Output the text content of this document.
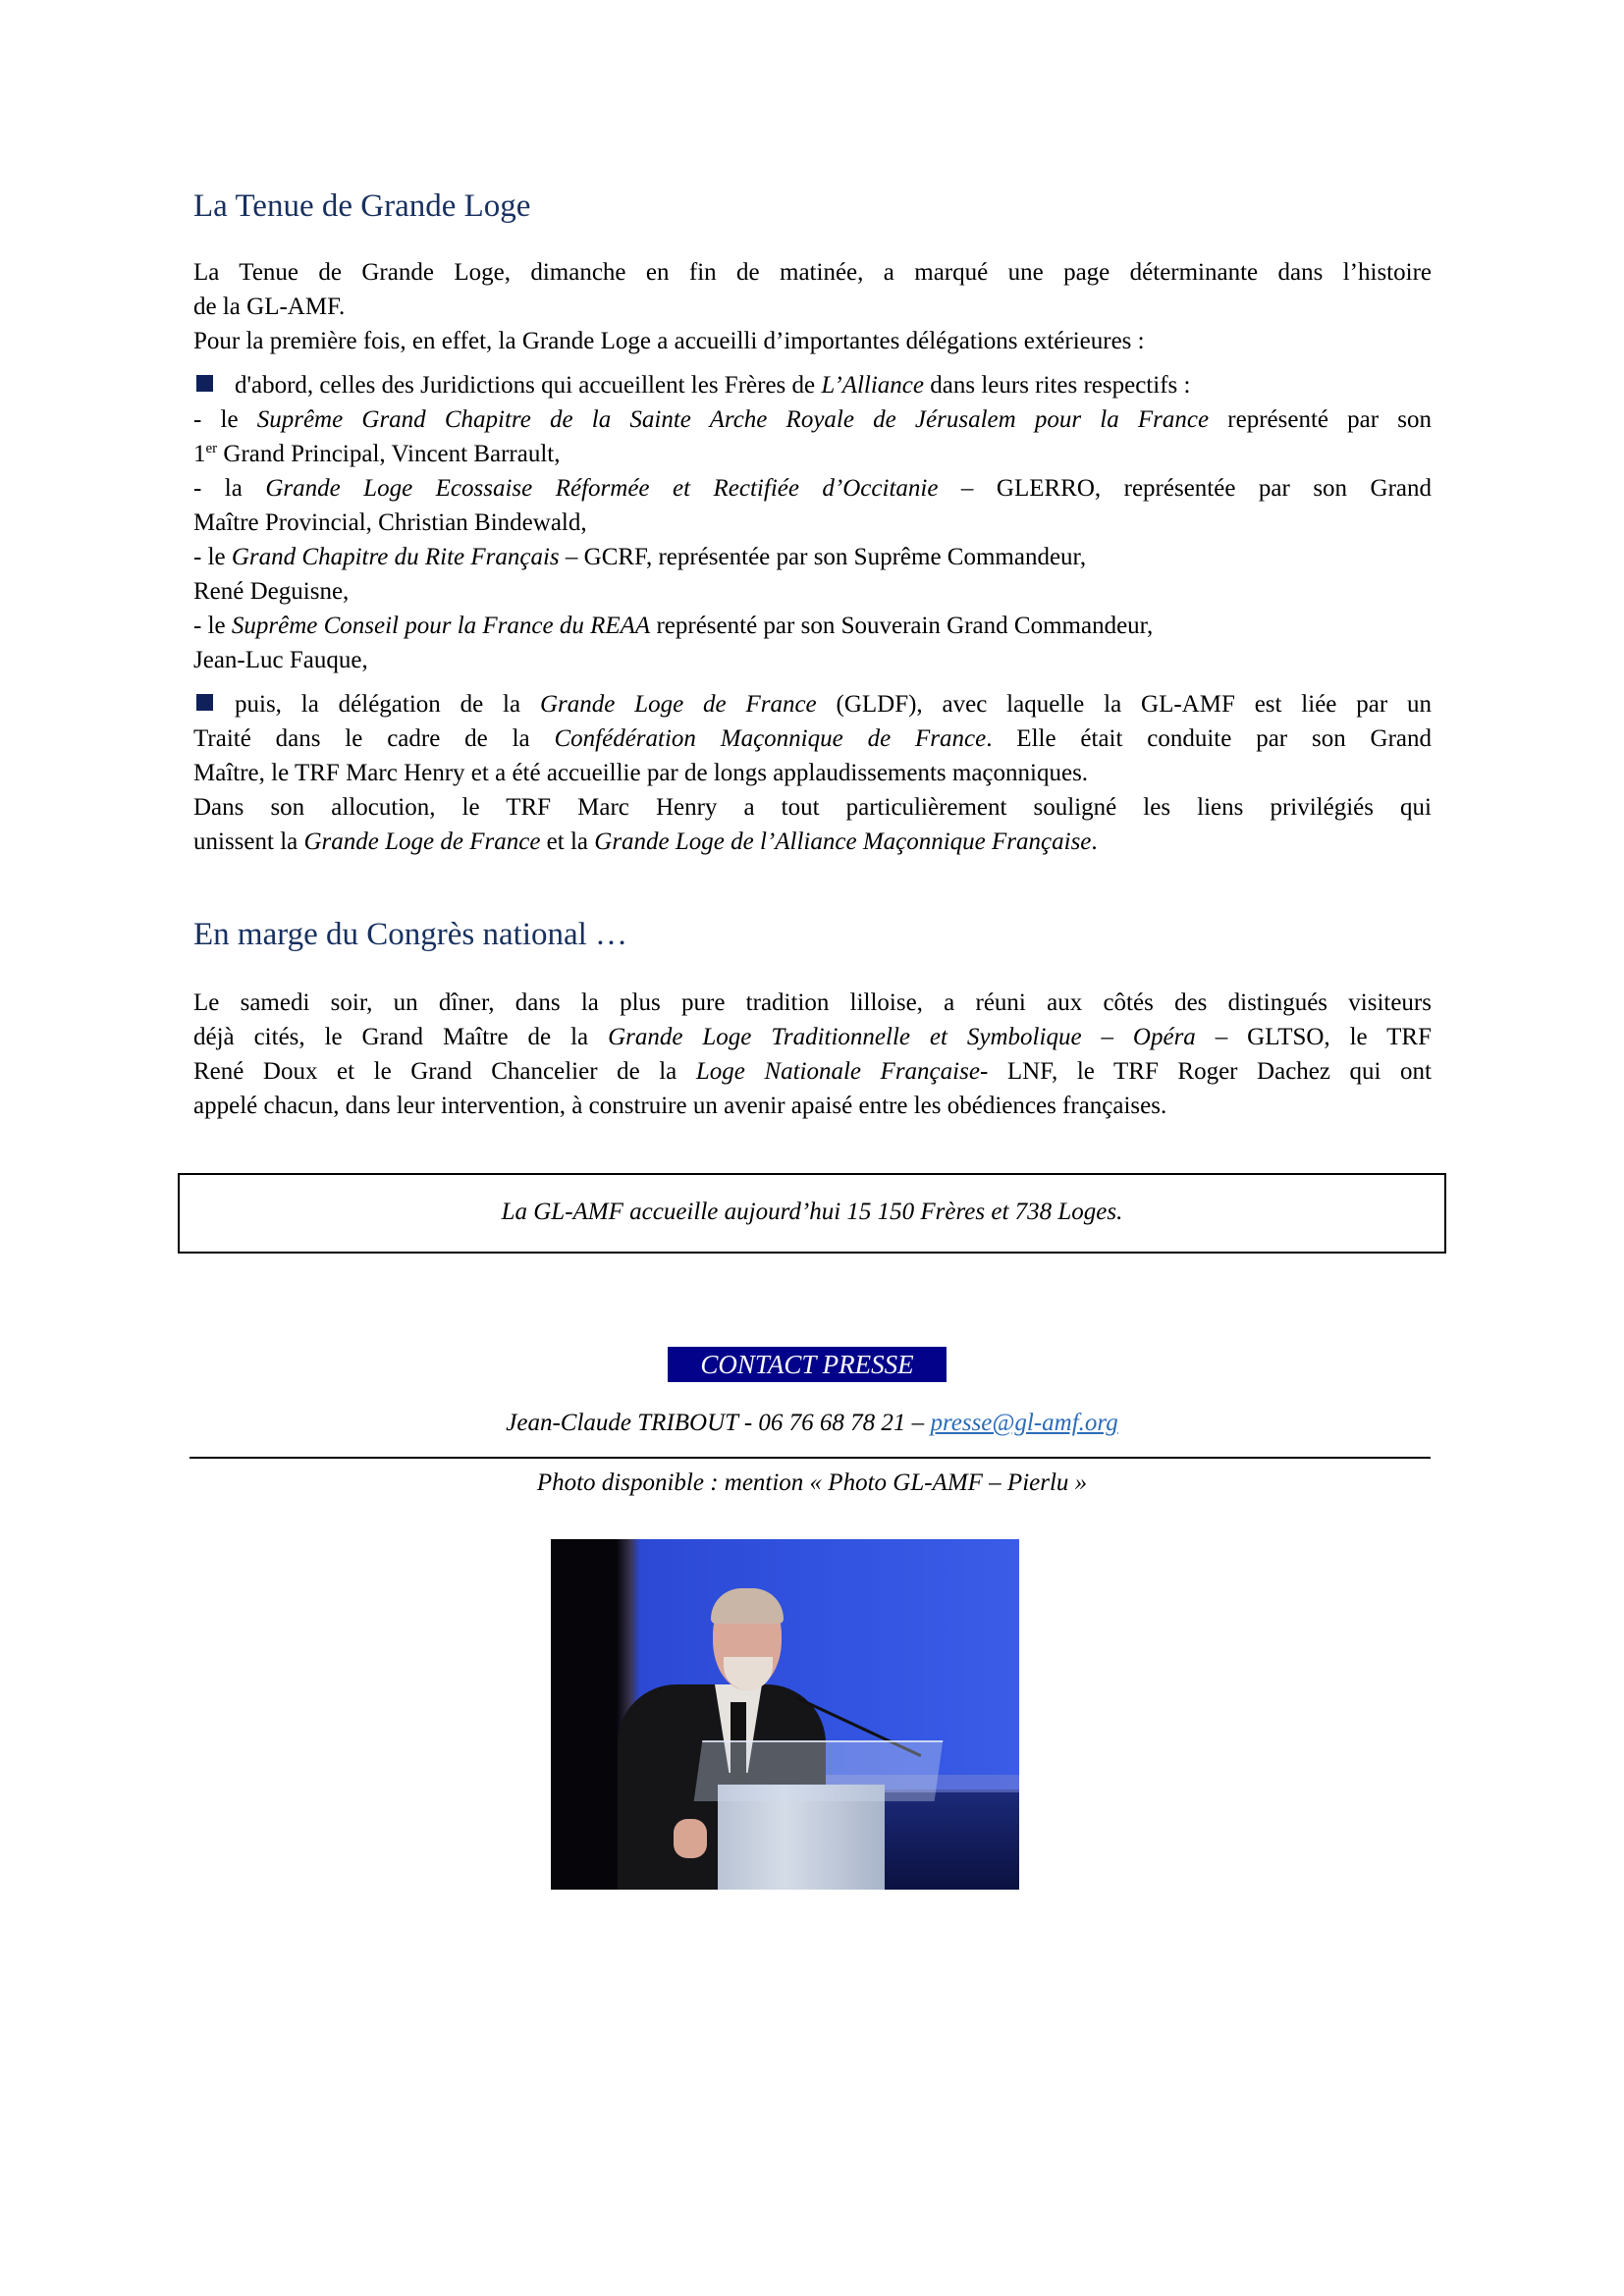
La Tenue de Grande Loge
La Tenue de Grande Loge, dimanche en fin de matinée, a marqué une page déterminante dans l’histoire
de la GL-AMF.
Pour la première fois, en effet, la Grande Loge a accueilli d’importantes délégations extérieures :
d'abord, celles des Juridictions qui accueillent les Frères de L’Alliance dans leurs rites respectifs :
- le Suprême Grand Chapitre de la Sainte Arche Royale de Jérusalem pour la France représenté par son
1er Grand Principal, Vincent Barrault,
- la Grande Loge Ecossaise Réformée et Rectifiée d’Occitanie – GLERRO, représentée par son Grand
Maître Provincial, Christian Bindewald,
- le Grand Chapitre du Rite Français – GCRF, représentée par son Suprême Commandeur,
René Deguisne,
- le Suprême Conseil pour la France du REAA représenté par son Souverain Grand Commandeur,
Jean-Luc Fauque,
puis, la délégation de la Grande Loge de France (GLDF), avec laquelle la GL-AMF est liée par un
Traité dans le cadre de la Confédération Maçonnique de France. Elle était conduite par son Grand
Maître, le TRF Marc Henry et a été accueillie par de longs applaudissements maçonniques.
Dans son allocution, le TRF Marc Henry a tout particulièrement souligné les liens privilégiés qui
unissent la Grande Loge de France et la Grande Loge de l’Alliance Maçonnique Française.
En marge du Congrès national …
Le samedi soir, un dîner, dans la plus pure tradition lilloise, a réuni aux côtés des distingués visiteurs
déjà cités, le Grand Maître de la Grande Loge Traditionnelle et Symbolique – Opéra – GLTSO, le TRF
René Doux et le Grand Chancelier de la Loge Nationale Française- LNF, le TRF Roger Dachez qui ont
appelé chacun, dans leur intervention, à construire un avenir apaisé entre les obédiences françaises.
La GL-AMF accueille aujourd’hui 15 150 Frères et 738 Loges.
CONTACT PRESSE
Jean-Claude TRIBOUT - 06 76 68 78 21 – presse@gl-amf.org
Photo disponible : mention « Photo GL-AMF – Pierlu »
